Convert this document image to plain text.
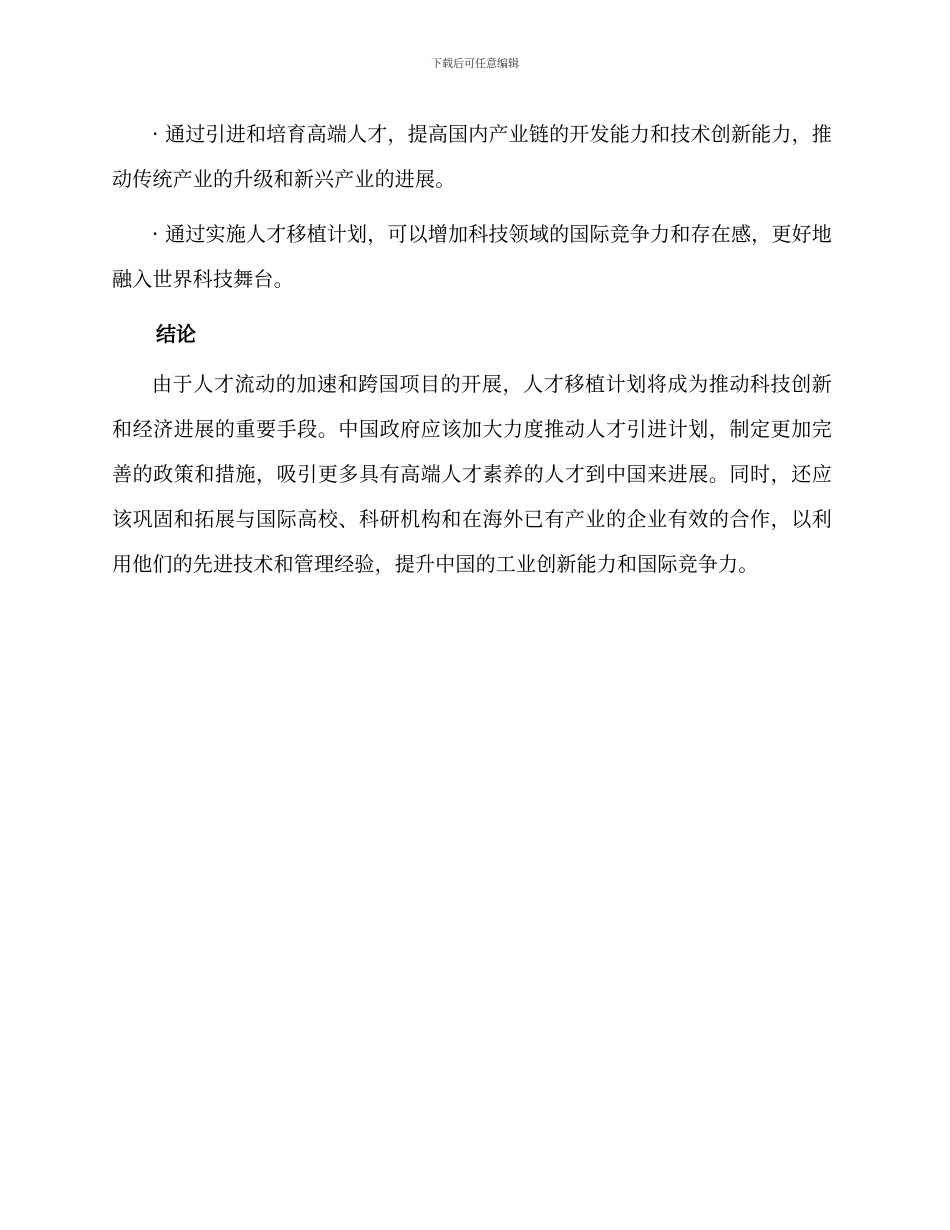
下载后可任意编辑

· 通过引进和培育高端人才，提高国内产业链的开发能力和技术创新能力，推动传统产业的升级和新兴产业的进展。

· 通过实施人才移植计划，可以增加科技领域的国际竞争力和存在感，更好地融入世界科技舞台。

结论

由于人才流动的加速和跨国项目的开展，人才移植计划将成为推动科技创新和经济进展的重要手段。中国政府应该加大力度推动人才引进计划，制定更加完善的政策和措施，吸引更多具有高端人才素养的人才到中国来进展。同时，还应该巩固和拓展与国际高校、科研机构和在海外已有产业的企业有效的合作，以利用他们的先进技术和管理经验，提升中国的工业创新能力和国际竞争力。
